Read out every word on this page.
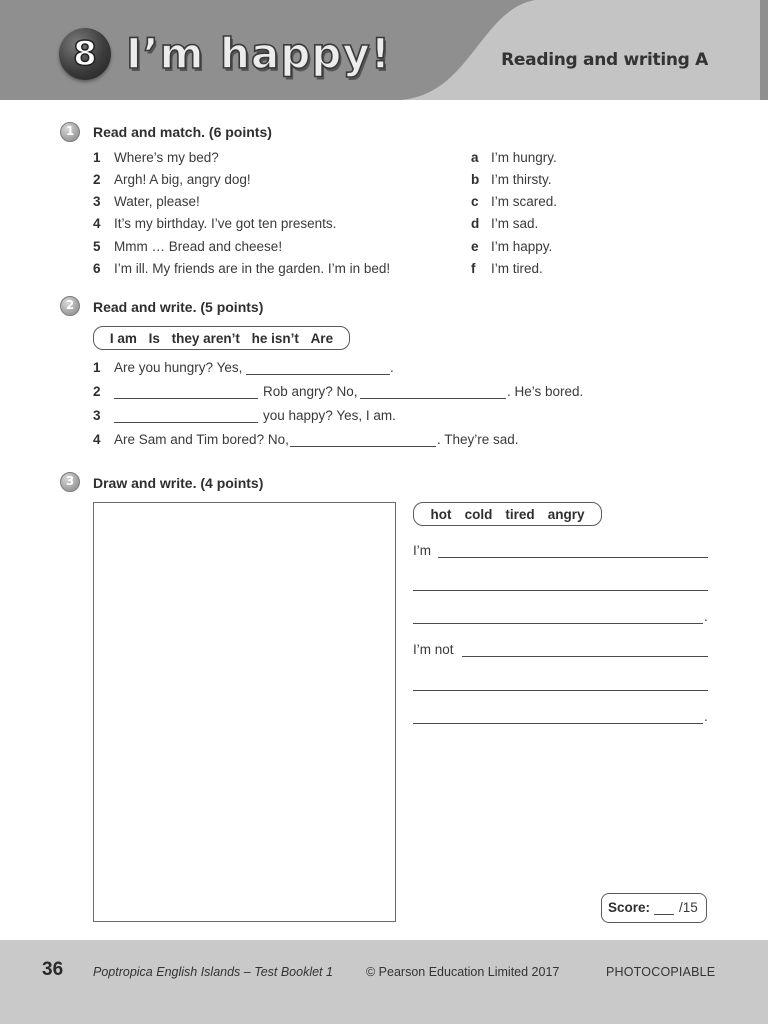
8 I’m happy!	Reading and writing A
1	Read and match. (6 points)
1 Where’s my bed?
2 Argh! A big, angry dog!
3 Water, please!
4 It’s my birthday. I’ve got ten presents.
5 Mmm … Bread and cheese!
6 I’m ill. My friends are in the garden. I’m in bed!
a I’m hungry.
b I’m thirsty.
c I’m scared.
d I’m sad.
e I’m happy.
f I’m tired.
2	Read and write. (5 points)
I am Is they aren’t he isn’t Are
1 Are you hungry? Yes,	.
2	Rob angry? No,	. He’s bored.
3	you happy? Yes, I am.
4 Are Sam and Tim bored? No,	. They’re sad.
3	Draw and write. (4 points)
hot cold tired angry
I’m
.
I’m not
.
Score: /15
36 Poptropica English Islands – Test Booklet 1	© Pearson Education Limited 2017	PHOTOCOPIABLE
